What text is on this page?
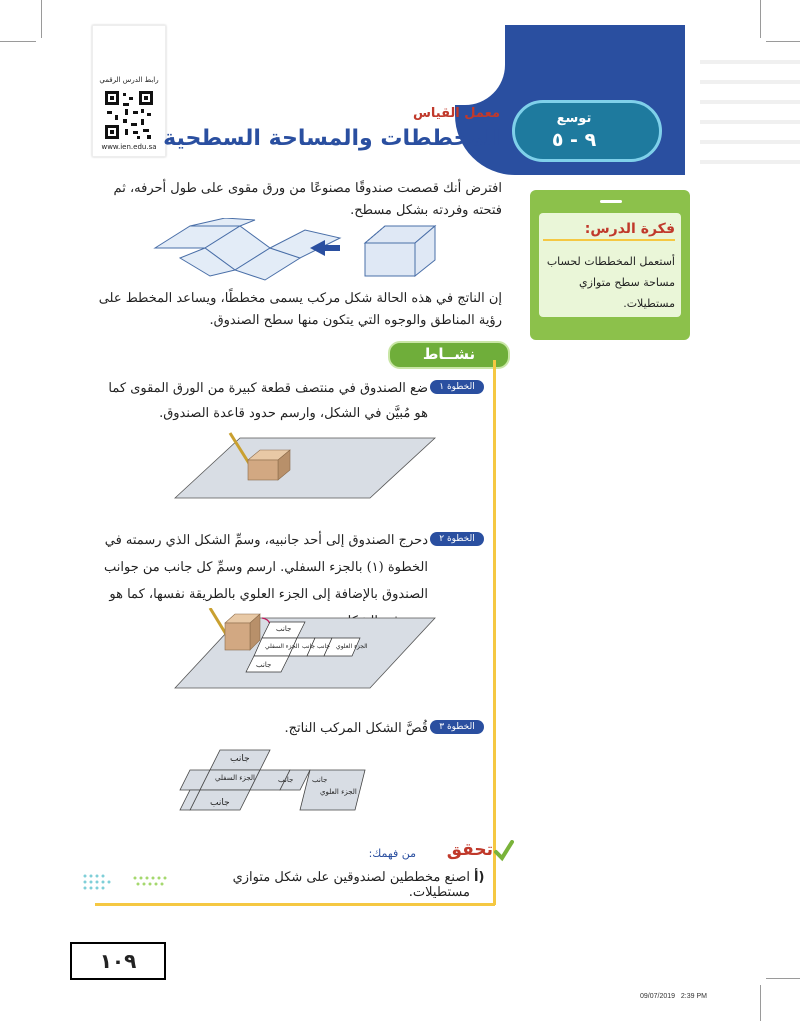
رابط الدرس الرقمي
www.ien.edu.sa
توسع
٩ - ٥
معمل القياس
المخططات والمساحة السطحية
افترض أنك قصصت صندوقًا مصنوعًا من ورق مقوى على طول أحرفه، ثم فتحته وفردته بشكل مسطح.
إن الناتج في هذه الحالة شكل مركب يسمى مخططًا، ويساعد المخطط على رؤية المناطق والوجوه التي يتكون منها سطح الصندوق.
فكرة الدرس:
أستعمل المخططات لحساب مساحة سطح متوازي مستطيلات.
نشــاط
الخطوة ١
ضع الصندوق في منتصف قطعة كبيرة من الورق المقوى كما هو مُبيَّن في الشكل، وارسم حدود قاعدة الصندوق.
الخطوة ٢
دحرج الصندوق إلى أحد جانبيه، وسمِّ الشكل الذي رسمته في الخطوة (١) بالجزء السفلي. ارسم وسمِّ كل جانب من جوانب الصندوق بالإضافة إلى الجزء العلوي بالطريقة نفسها، كما هو
جانب
الجزء السفلي جانب جانب الجزء العلوي
جانب
الخطوة ٣
قُصَّ الشكل المركب الناتج.
جانب
الجزء السفلي	جانب	جانب
الجزء العلوي
جانب
تحقق
من فهمك:
أ)
اصنع مخططين لصندوقين على شكل متوازي مستطيلات.
١٠٩
09/07/2019   2:39 PM
